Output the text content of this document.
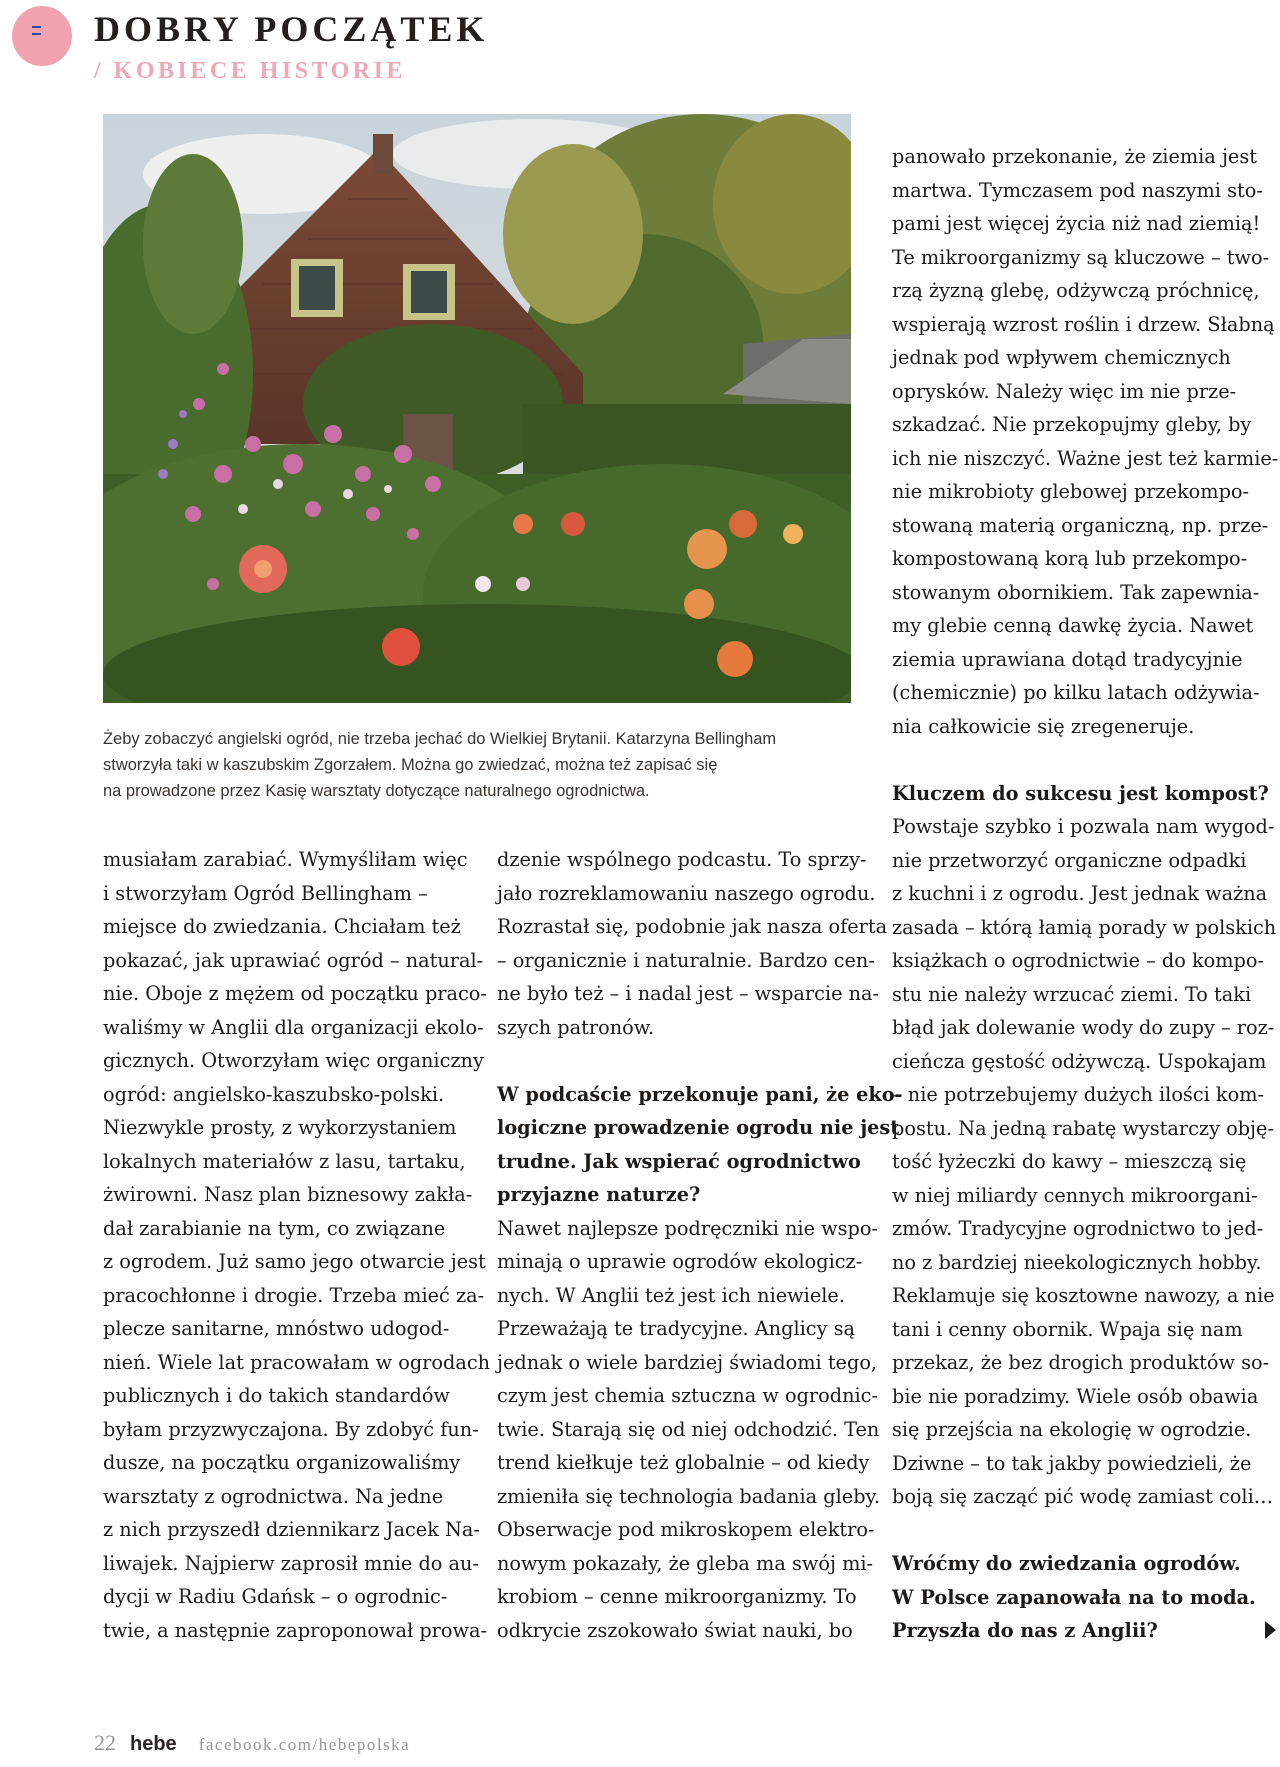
DOBRY POCZĄTEK
/ KOBIECE HISTORIE
Żeby zobaczyć angielski ogród, nie trzeba jechać do Wielkiej Brytanii. Katarzyna Bellingham
stworzyła taki w kaszubskim Zgorzałem. Można go zwiedzać, można też zapisać się
na prowadzone przez Kasię warsztaty dotyczące naturalnego ogrodnictwa.
musiałam zarabiać. Wymyśliłam więc
i stworzyłam Ogród Bellingham –
miejsce do zwiedzania. Chciałam też
pokazać, jak uprawiać ogród – natural-
nie. Oboje z mężem od początku praco-
waliśmy w Anglii dla organizacji ekolo-
gicznych. Otworzyłam więc organiczny
ogród: angielsko-kaszubsko-polski.
Niezwykle prosty, z wykorzystaniem
lokalnych materiałów z lasu, tartaku,
żwirowni. Nasz plan biznesowy zakła-
dał zarabianie na tym, co związane
z ogrodem. Już samo jego otwarcie jest
pracochłonne i drogie. Trzeba mieć za-
plecze sanitarne, mnóstwo udogod-
nień. Wiele lat pracowałam w ogrodach
publicznych i do takich standardów
byłam przyzwyczajona. By zdobyć fun-
dusze, na początku organizowaliśmy
warsztaty z ogrodnictwa. Na jedne
z nich przyszedł dziennikarz Jacek Na-
liwajek. Najpierw zaprosił mnie do au-
dycji w Radiu Gdańsk – o ogrodnic-
twie, a następnie zaproponował prowa-
dzenie wspólnego podcastu. To sprzy-
jało rozreklamowaniu naszego ogrodu.
Rozrastał się, podobnie jak nasza oferta
– organicznie i naturalnie. Bardzo cen-
ne było też – i nadal jest – wsparcie na-
szych patronów.
W podcaście przekonuje pani, że eko-
logiczne prowadzenie ogrodu nie jest
trudne. Jak wspierać ogrodnictwo
przyjazne naturze?
Nawet najlepsze podręczniki nie wspo-
minają o uprawie ogrodów ekologicz-
nych. W Anglii też jest ich niewiele.
Przeważają te tradycyjne. Anglicy są
jednak o wiele bardziej świadomi tego,
czym jest chemia sztuczna w ogrodnic-
twie. Starają się od niej odchodzić. Ten
trend kiełkuje też globalnie – od kiedy
zmieniła się technologia badania gleby.
Obserwacje pod mikroskopem elektro-
nowym pokazały, że gleba ma swój mi-
krobiom – cenne mikroorganizmy. To
odkrycie zszokowało świat nauki, bo
panowało przekonanie, że ziemia jest
martwa. Tymczasem pod naszymi sto-
pami jest więcej życia niż nad ziemią!
Te mikroorganizmy są kluczowe – two-
rzą żyzną glebę, odżywczą próchnicę,
wspierają wzrost roślin i drzew. Słabną
jednak pod wpływem chemicznych
oprysków. Należy więc im nie prze-
szkadzać. Nie przekopujmy gleby, by
ich nie niszczyć. Ważne jest też karmie-
nie mikrobioty glebowej przekompo-
stowaną materią organiczną, np. prze-
kompostowaną korą lub przekompo-
stowanym obornikiem. Tak zapewnia-
my glebie cenną dawkę życia. Nawet
ziemia uprawiana dotąd tradycyjnie
(chemicznie) po kilku latach odżywia-
nia całkowicie się zregeneruje.
Kluczem do sukcesu jest kompost?
Powstaje szybko i pozwala nam wygod-
nie przetworzyć organiczne odpadki
z kuchni i z ogrodu. Jest jednak ważna
zasada – którą łamią porady w polskich
książkach o ogrodnictwie – do kompo-
stu nie należy wrzucać ziemi. To taki
błąd jak dolewanie wody do zupy – roz-
cieńcza gęstość odżywczą. Uspokajam
– nie potrzebujemy dużych ilości kom-
postu. Na jedną rabatę wystarczy obję-
tość łyżeczki do kawy – mieszczą się
w niej miliardy cennych mikroorgani-
zmów. Tradycyjne ogrodnictwo to jed-
no z bardziej nieekologicznych hobby.
Reklamuje się kosztowne nawozy, a nie
tani i cenny obornik. Wpaja się nam
przekaz, że bez drogich produktów so-
bie nie poradzimy. Wiele osób obawia
się przejścia na ekologię w ogrodzie.
Dziwne – to tak jakby powiedzieli, że
boją się zacząć pić wodę zamiast coli…
Wróćmy do zwiedzania ogrodów.
W Polsce zapanowała na to moda.
Przyszła do nas z Anglii?
22 hebe facebook.com/hebepolska
